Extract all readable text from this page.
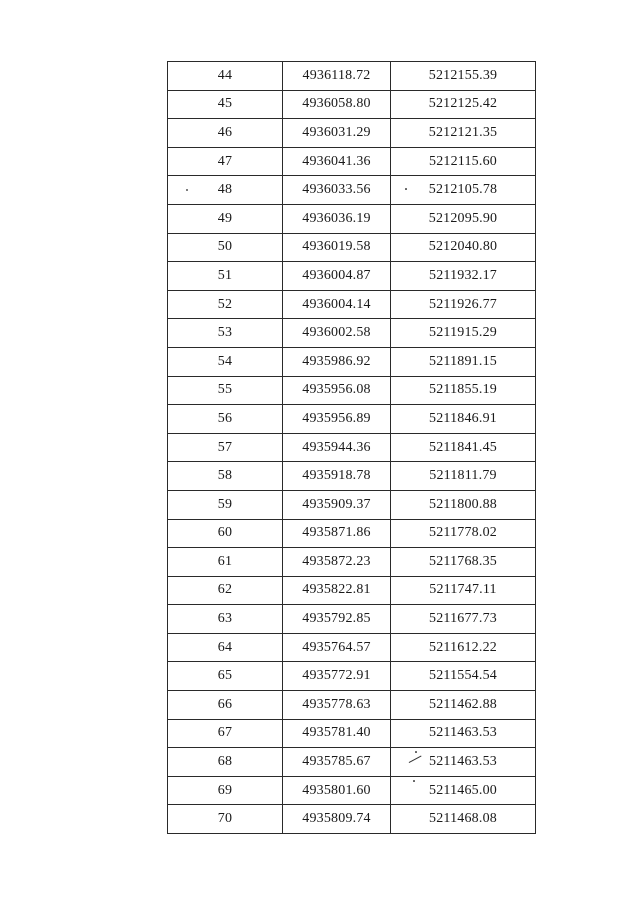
44	4936118.72	5212155.39
45	4936058.80	5212125.42
46	4936031.29	5212121.35
47	4936041.36	5212115.60
48	4936033.56	5212105.78
49	4936036.19	5212095.90
50	4936019.58	5212040.80
51	4936004.87	5211932.17
52	4936004.14	5211926.77
53	4936002.58	5211915.29
54	4935986.92	5211891.15
55	4935956.08	5211855.19
56	4935956.89	5211846.91
57	4935944.36	5211841.45
58	4935918.78	5211811.79
59	4935909.37	5211800.88
60	4935871.86	5211778.02
61	4935872.23	5211768.35
62	4935822.81	5211747.11
63	4935792.85	5211677.73
64	4935764.57	5211612.22
65	4935772.91	5211554.54
66	4935778.63	5211462.88
67	4935781.40	5211463.53
68	4935785.67	5211463.53
69	4935801.60	5211465.00
70	4935809.74	5211468.08
